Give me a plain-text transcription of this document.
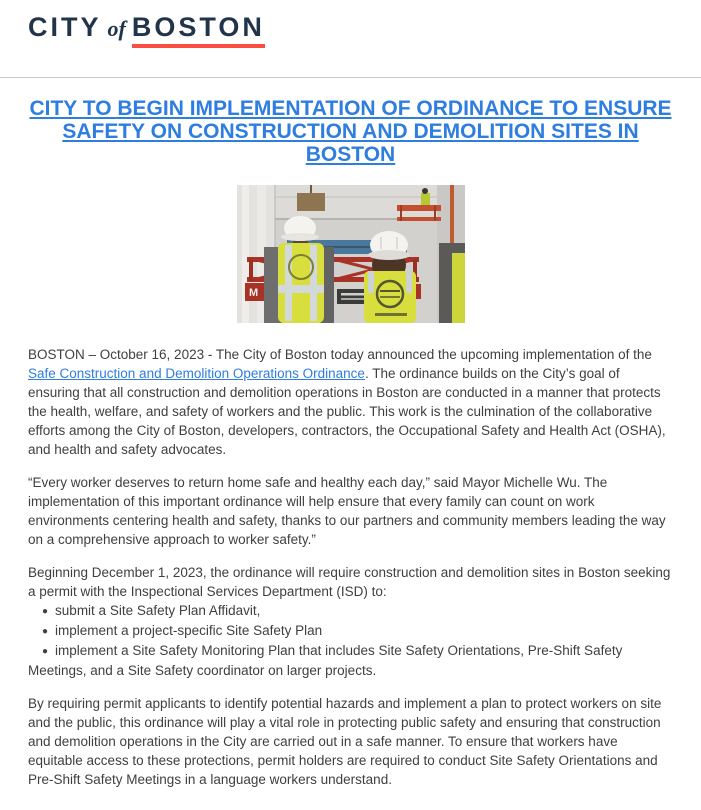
CITY of BOSTON
CITY TO BEGIN IMPLEMENTATION OF ORDINANCE TO ENSURE SAFETY ON CONSTRUCTION AND DEMOLITION SITES IN BOSTON
M

BOSTON – October 16, 2023 - The City of Boston today announced the upcoming implementation of the Safe Construction and Demolition Operations Ordinance. The ordinance builds on the City’s goal of ensuring that all construction and demolition operations in Boston are conducted in a manner that protects the health, welfare, and safety of workers and the public. This work is the culmination of the collaborative efforts among the City of Boston, developers, contractors, the Occupational Safety and Health Act (OSHA), and health and safety advocates.

“Every worker deserves to return home safe and healthy each day,” said Mayor Michelle Wu. The implementation of this important ordinance will help ensure that every family can count on work environments centering health and safety, thanks to our partners and community members leading the way on a comprehensive approach to worker safety.”

Beginning December 1, 2023, the ordinance will require construction and demolition sites in Boston seeking a permit with the Inspectional Services Department (ISD) to:

● submit a Site Safety Plan Affidavit,
● implement a project-specific Site Safety Plan
● implement a Site Safety Monitoring Plan that includes Site Safety Orientations, Pre-Shift Safety Meetings, and a Site Safety coordinator on larger projects.

By requiring permit applicants to identify potential hazards and implement a plan to protect workers on site and the public, this ordinance will play a vital role in protecting public safety and ensuring that construction and demolition operations in the City are carried out in a safe manner. To ensure that workers have equitable access to these protections, permit holders are required to conduct Site Safety Orientations and Pre-Shift Safety Meetings in a language workers understand.
